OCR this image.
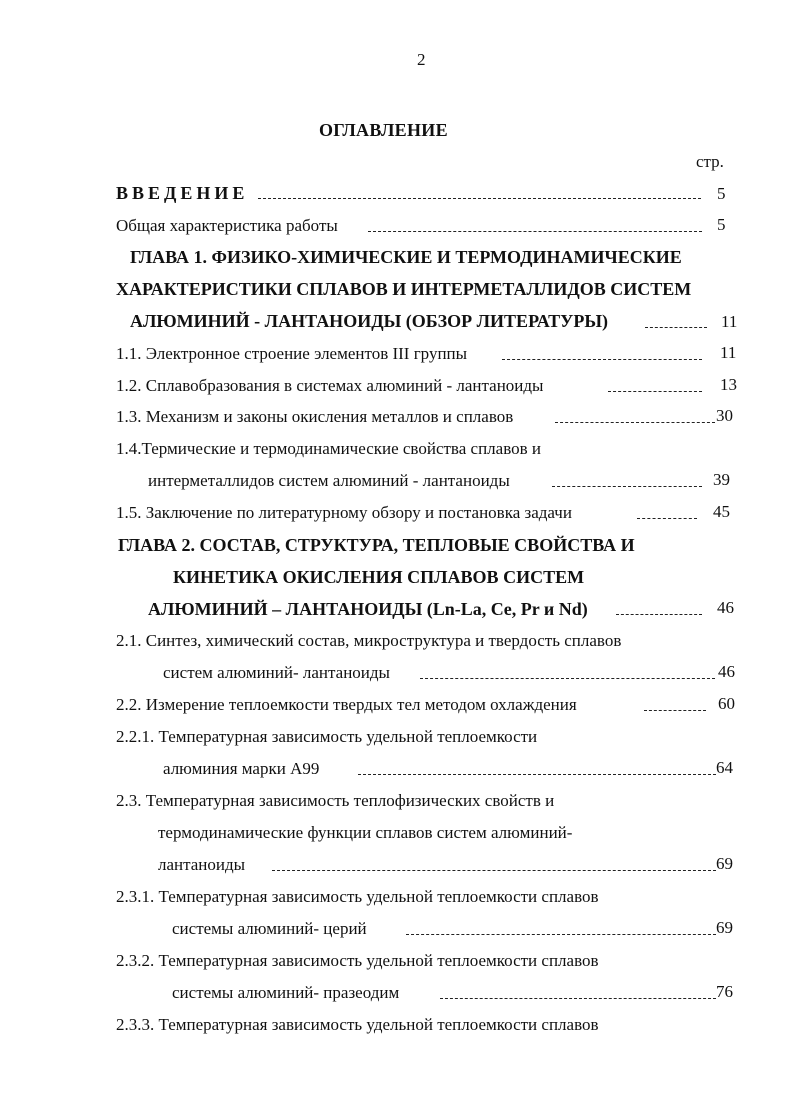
2
ОГЛАВЛЕНИЕ
стр.
ВВЕДЕНИЕ	5
Общая характеристика работы	5
ГЛАВА 1. ФИЗИКО-ХИМИЧЕСКИЕ И ТЕРМОДИНАМИЧЕСКИЕ
ХАРАКТЕРИСТИКИ СПЛАВОВ И ИНТЕРМЕТАЛЛИДОВ СИСТЕМ
АЛЮМИНИЙ - ЛАНТАНОИДЫ (ОБЗОР ЛИТЕРАТУРЫ)	11
1.1. Электронное строение элементов III группы	11
1.2. Сплавобразования в системах алюминий - лантаноиды	13
1.3. Механизм и законы окисления металлов и сплавов	30
1.4.Термические и термодинамические свойства сплавов и
интерметаллидов систем алюминий - лантаноиды	39
1.5. Заключение по литературному обзору и постановка задачи	45
ГЛАВА 2. СОСТАВ, СТРУКТУРА, ТЕПЛОВЫЕ СВОЙСТВА И
КИНЕТИКА ОКИСЛЕНИЯ СПЛАВОВ СИСТЕМ
АЛЮМИНИЙ – ЛАНТАНОИДЫ (Ln-La, Ce, Pr и Nd)	46
2.1. Синтез, химический состав, микроструктура и твердость сплавов
систем алюминий- лантаноиды	46
2.2. Измерение теплоемкости твердых тел методом охлаждения	60
2.2.1. Температурная зависимость удельной теплоемкости
алюминия марки А99	64
2.3. Температурная зависимость теплофизических свойств и
термодинамические функции сплавов систем алюминий-
лантаноиды	69
2.3.1. Температурная зависимость удельной теплоемкости сплавов
системы алюминий- церий	69
2.3.2. Температурная зависимость удельной теплоемкости сплавов
системы алюминий- празеодим	76
2.3.3. Температурная зависимость удельной теплоемкости сплавов
